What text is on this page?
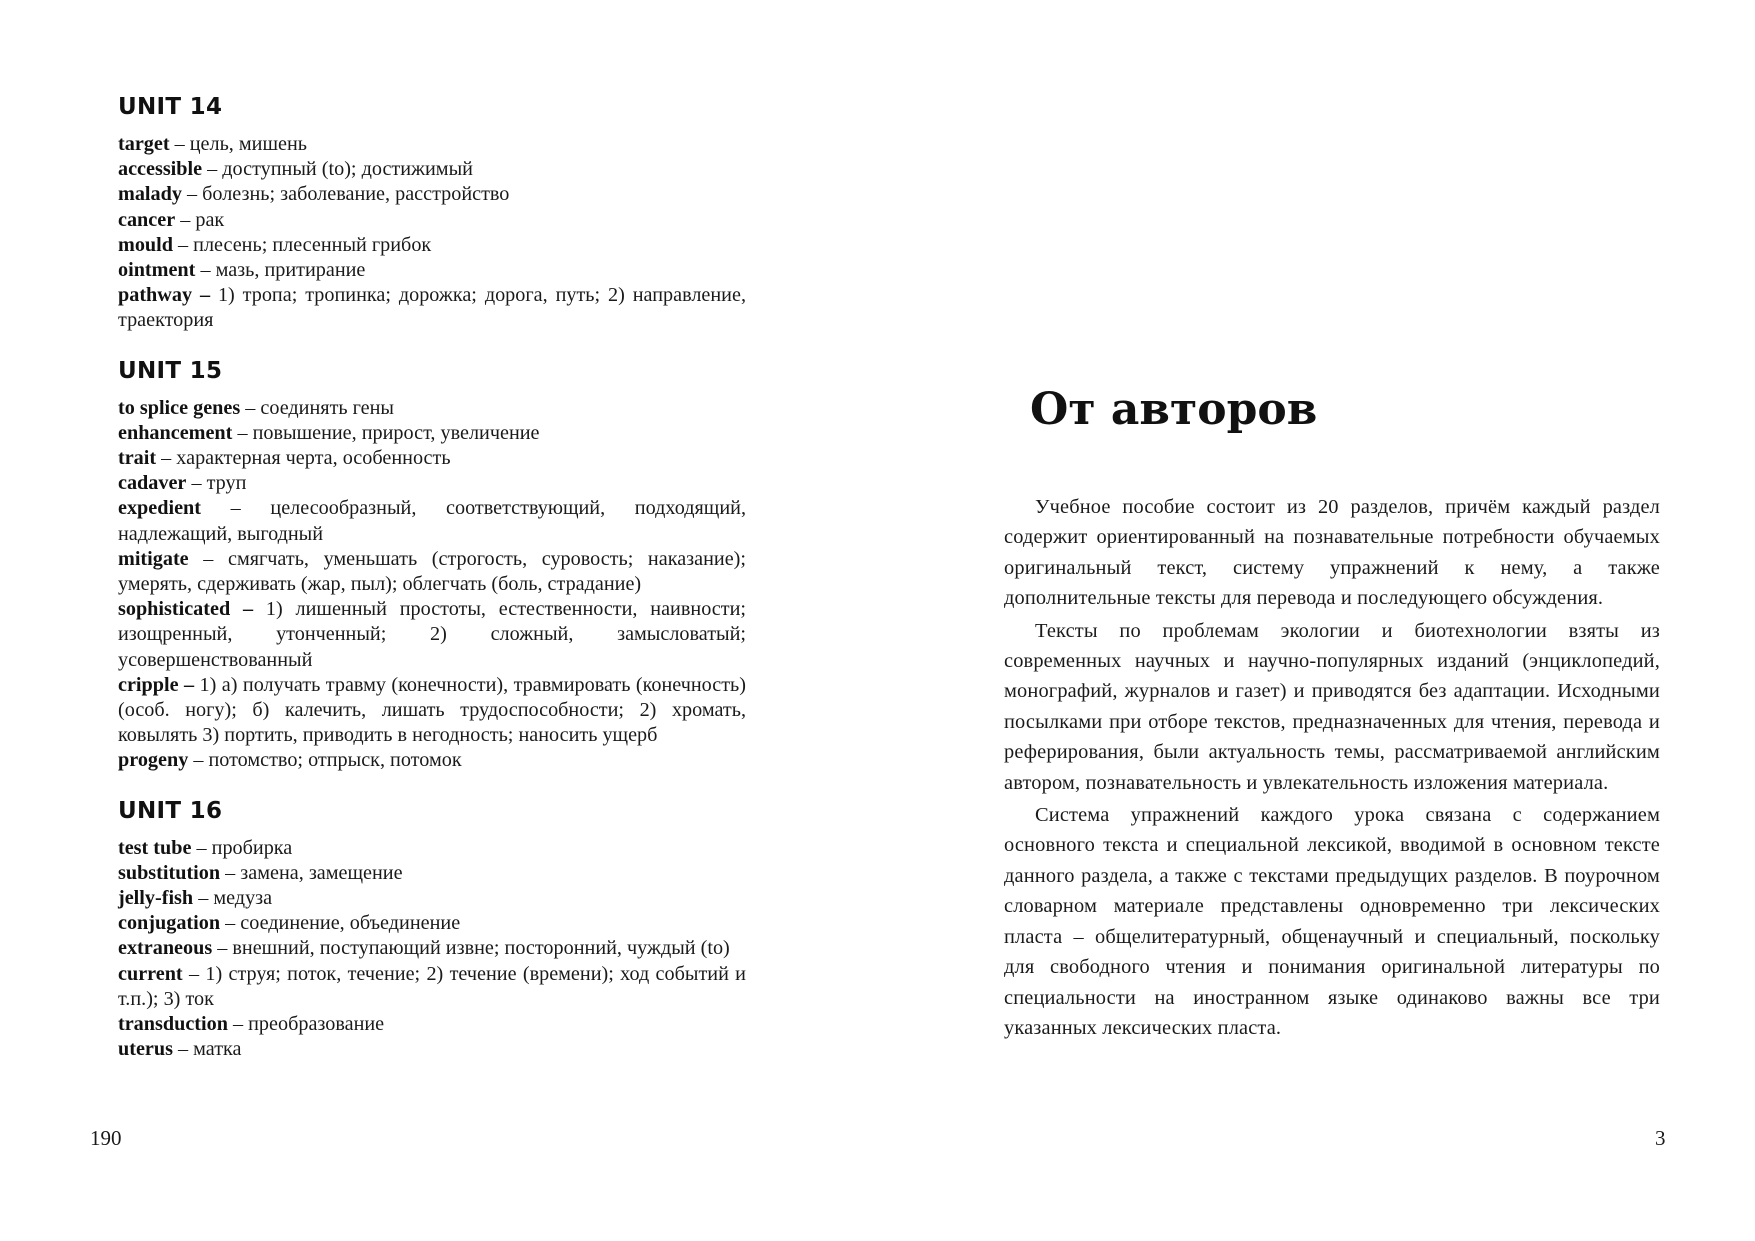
UNIT 14

target – цель, мишень

accessible – доступный (to); достижимый

malady – болезнь; заболевание, расстройство

cancer – рак

mould – плесень; плесенный грибок

ointment – мазь, притирание

pathway – 1) тропа; тропинка; дорожка; дорога, путь; 2) направление, траектория

UNIT 15

to splice genes – соединять гены

enhancement – повышение, прирост, увеличение

trait – характерная черта, особенность

cadaver – труп

expedient – целесообразный, соответствующий, подходящий, надлежащий, выгодный

mitigate – смягчать, уменьшать (строгость, суровость; наказание); умерять, сдерживать (жар, пыл); облегчать (боль, страдание)

sophisticated – 1) лишенный простоты, естественности, наивности; изощренный, утонченный; 2) сложный, замысловатый; усовершенствованный

cripple – 1) а) получать травму (конечности), травмировать (конечность) (особ. ногу); б) калечить, лишать трудоспособности; 2) хромать, ковылять 3) портить, приводить в негодность; наносить ущерб

progeny – потомство; отпрыск, потомок

UNIT 16

test tube – пробирка

substitution – замена, замещение

jelly-fish – медуза

conjugation – соединение, объединение

extraneous – внешний, поступающий извне; посторонний, чуждый (to)

current – 1) струя; поток, течение; 2) течение (времени); ход событий и т.п.); 3) ток

transduction – преобразование

uterus – матка

190
От авторов

Учебное пособие состоит из 20 разделов, причём каждый раздел содержит ориентированный на познавательные потребности обучаемых оригинальный текст, систему упражнений к нему, а также дополнительные тексты для перевода и последующего обсуждения.

Тексты по проблемам экологии и биотехнологии взяты из современных научных и научно-популярных изданий (энциклопедий, монографий, журналов и газет) и приводятся без адаптации. Исходными посылками при отборе текстов, предназначенных для чтения, перевода и реферирования, были актуальность темы, рассматриваемой английским автором, познавательность и увлекательность изложения материала.

Система упражнений каждого урока связана с содержанием основного текста и специальной лексикой, вводимой в основном тексте данного раздела, а также с текстами предыдущих разделов. В поурочном словарном материале представлены одновременно три лексических пласта – общелитературный, общенаучный и специальный, поскольку для свободного чтения и понимания оригинальной литературы по специальности на иностранном языке одинаково важны все три указанных лексических пласта.

3
